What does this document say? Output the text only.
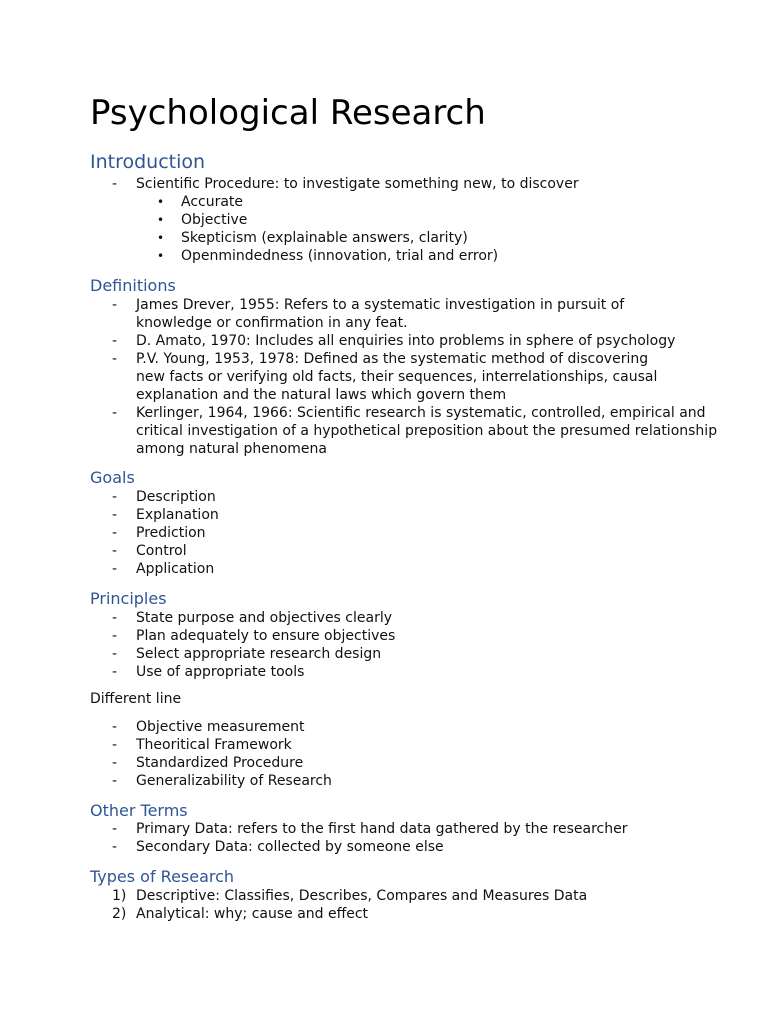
Psychological Research
Introduction
- Scientific Procedure: to investigate something new, to discover
• Accurate
• Objective
• Skepticism (explainable answers, clarity)
• Openmindedness (innovation, trial and error)
Definitions
- James Drever, 1955: Refers to a systematic investigation in pursuit of knowledge or confirmation in any feat.
- D. Amato, 1970: Includes all enquiries into problems in sphere of psychology
- P.V. Young, 1953, 1978: Defined as the systematic method of discovering new facts or verifying old facts, their sequences, interrelationships, causal explanation and the natural laws which govern them
- Kerlinger, 1964, 1966: Scientific research is systematic, controlled, empirical and critical investigation of a hypothetical preposition about the presumed relationship among natural phenomena
Goals
- Description
- Explanation
- Prediction
- Control
- Application
Principles
- State purpose and objectives clearly
- Plan adequately to ensure objectives
- Select appropriate research design
- Use of appropriate tools

Different line

- Objective measurement
- Theoritical Framework
- Standardized Procedure
- Generalizability of Research
Other Terms
- Primary Data: refers to the first hand data gathered by the researcher
- Secondary Data: collected by someone else
Types of Research
1) Descriptive: Classifies, Describes, Compares and Measures Data
2) Analytical: why; cause and effect
